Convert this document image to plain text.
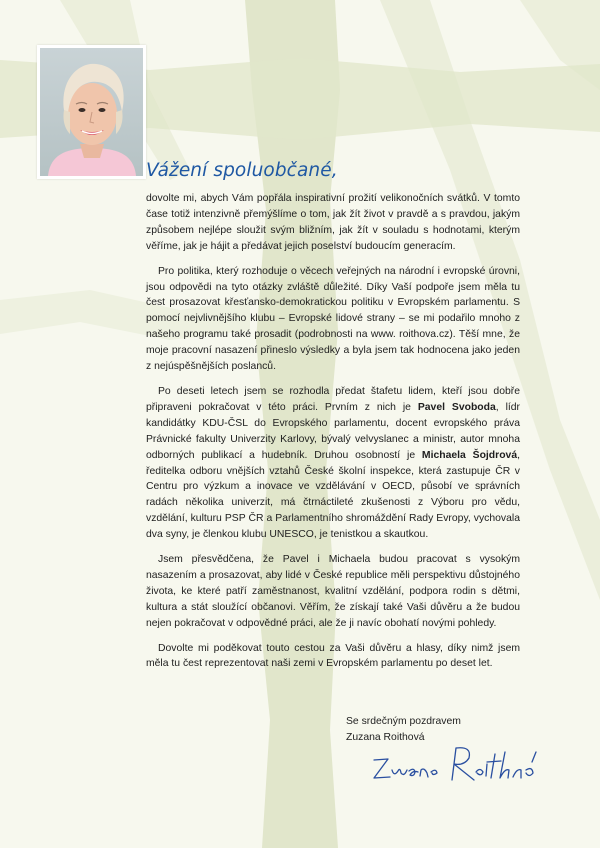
Vážení spoluobčané,

dovolte mi, abych Vám popřála inspirativní prožití velikonočních svátků. V tomto čase totiž intenzivně přemýšlíme o tom, jak žít život v pravdě a s pravdou, jakým způsobem nejlépe sloužit svým bližním, jak žít v souladu s hodnotami, kterým věříme, jak je hájit a předávat jejich poselství budoucím generacím.

Pro politika, který rozhoduje o věcech veřejných na národní i evropské úrovni, jsou odpovědi na tyto otázky zvláště důležité. Díky Vaší podpoře jsem měla tu čest prosazovat křesťansko-demokratickou politiku v Evropském parlamentu. S pomocí nejvlivnějšího klubu – Evropské lidové strany – se mi podařilo mnoho z našeho programu také prosadit (podrobnosti na www. roithova.cz). Těší mne, že moje pracovní nasazení přineslo výsledky a byla jsem tak hodnocena jako jeden z nejúspěšnějších poslanců.

Po deseti letech jsem se rozhodla předat štafetu lidem, kteří jsou dobře připraveni pokračovat v této práci. Prvním z nich je Pavel Svoboda, lídr kandidátky KDU-ČSL do Evropského parlamentu, docent evropského práva Právnické fakulty Univerzity Karlovy, bývalý velvyslanec a ministr, autor mnoha odborných publikací a hudebník. Druhou osobností je Michaela Šojdrová, ředitelka odboru vnějších vztahů České školní inspekce, která zastupuje ČR v Centru pro výzkum a inovace ve vzdělávání v OECD, působí ve správních radách několika univerzit, má čtrnáctileté zkušenosti z Výboru pro vědu, vzdělání, kulturu PSP ČR a Parlamentního shromáždění Rady Evropy, vychovala dva syny, je členkou klubu UNESCO, je tenistkou a skautkou.

Jsem přesvědčena, že Pavel i Michaela budou pracovat s vysokým nasazením a prosazovat, aby lidé v České republice měli perspektivu důstojného života, ke které patří zaměstnanost, kvalitní vzdělání, podpora rodin s dětmi, kultura a stát sloužící občanovi. Věřím, že získají také Vaši důvěru a že budou nejen pokračovat v odpovědné práci, ale že ji navíc obohatí novými pohledy.

Dovolte mi poděkovat touto cestou za Vaši důvěru a hlasy, díky nimž jsem měla tu čest reprezentovat naši zemi v Evropském parlamentu po deset let.

Se srdečným pozdravem
Zuzana Roithová
